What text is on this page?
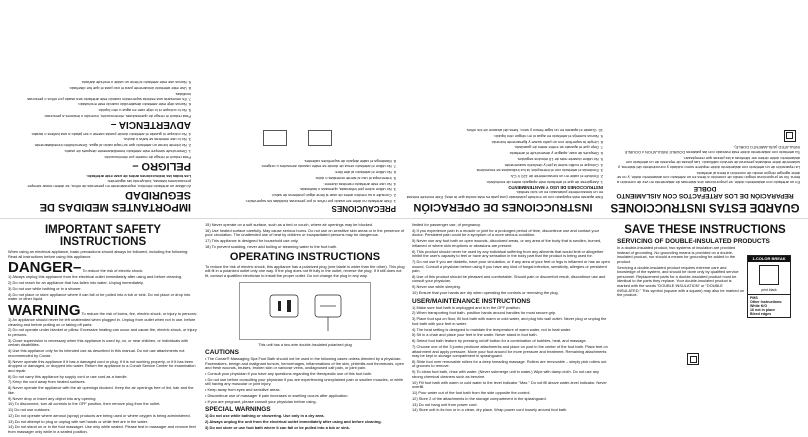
GUARDE ESTAS INSTRUCCIONES
REPARACIÓN DE LOS ARTEFACTOS CON AISLAMIENTO DOBLE

En un artefacto con aislamiento doble, se proporcionan dos sistemas de aislamiento en vez de conexión a tierra. No se proporciona ningún medio de conexión a tierra en un artefacto con aislamiento doble, y no se debe agregar ningún medio de conexión a tierra al artefacto.

La reparación de un artefacto con aislamiento doble requiere sumo cuidado y conocimiento del sistema, y solamente debe realizarla personal de servicio calificado. Las piezas de repuesto de un artefacto con aislamiento doble deben ser idénticas a las piezas que reemplazan.

Su artefacto con aislamiento doble está marcado con las palabras DOUBLE INSULATION o DOUBLE INSULATED (AISLAMIENTO DOBLE).

INSTRUCCIONES DE OPERACIÓN

Este aparato está equipado con un enchufe polarizado (una pata es más ancha que la otra). Este enchufe entrará en un tomacorriente polarizado en un solo sentido.

INSTRUCCIONES DE USO Y MANTENIMIENTO

1. Asegúrese de que el artefacto esté apagado antes de enchufarlo.

2. Enchufe el cable en un tomacorriente de 120 V CA.

3. Encienda el artefacto con el interruptor; la luz indicadora se encenderá.

4. Coloque el rodillo sobre la piel y deslícelo suavemente.

5. No utilice durante más de 15 minutos seguidos.

6. Después de usar, apague y desenchufe el artefacto.

7. Deje que el aparato se enfríe antes de guardarlo.

8. Limpie la superficie con un paño suave y ligeramente húmedo.

9. Nunca sumerja el artefacto en agua ni en ningún otro líquido.

10. Guarde el aparato en un lugar fresco y seco, fuera del alcance de los niños.

PRECAUCIONES

1. Este artefacto no debe ser usado por niños ni por personas inválidas sin supervisión.

2. Consulte a su médico antes de usar si tiene algún problema de salud.

3. No utilice sobre piel inflamada, quemada o lastimada.

4. No use este artefacto mientras duerme.

5. Interrumpa el uso si siente molestias o dolor.

6. No utilice el artefacto al aire libre.

7. No utilice el artefacto cerca de donde se estén usando aerosoles u oxígeno.

8. Mantenga el cable alejado de superficies calientes.

IMPORTANTES MEDIDAS DE SEGURIDAD

Al utilizar un artefacto eléctrico, especialmente en presencia de niños, se deben tomar siempre precauciones básicas, incluyendo las siguientes:

Lea todas las instrucciones antes de usar este artefacto.

PELIGRO –

Para reducir el riesgo de muerte por electrocución:

1. Desenchufe siempre este artefacto inmediatamente después de usarlo.

2. No intente tomar un artefacto que se haya caído al agua. Desenchúfelo inmediatamente.

3. No lo use mientras se baña o ducha.

4. No coloque ni guarde el artefacto donde pueda caerse o ser jalado a una bañera o lavabo.

ADVERTENCIA –

Para reducir el riesgo de quemaduras, electrocución, incendio o lesiones a personas:

5. No lo coloque ni lo deje caer en agua u otro líquido.

6. Nunca deje este artefacto desatendido cuando esté enchufado.

7. Es necesaria una estricta supervisión cuando este artefacto sea usado por niños o personas inválidas.

8. Use este artefacto únicamente para el uso para el que fue diseñado.

9. Nunca use este artefacto si tiene un cable o enchufe dañado.

IMPORTANT SAFETY INSTRUCTIONS

When using an electrical appliance, basic precautions should always be followed, including the following: Read all instructions before using this appliance.

DANGER– To reduce the risk of electric shock:

1) Always unplug this appliance from the electrical outlet immediately after using and before cleaning.

2) Do not reach for an appliance that has fallen into water. Unplug immediately.

3) Do not use while bathing or in a shower.

4) Do not place or store appliance where it can fall or be pulled into a tub or sink. Do not place or drop into water or other liquid.

WARNING To reduce the risk of burns, fire, electric shock, or injury to persons:

1) An appliance should never be left unattended when plugged in. Unplug from outlet when not in use, before cleaning and before putting on or taking off parts.

2) Do not operate under blanket or pillow. Excessive heating can occur and cause fire, electric shock, or injury to persons.

3) Close supervision is necessary when this appliance is used by, on, or near children, or individuals with certain disabilities.

4) Use this appliance only for its intended use as described in this manual. Do not use attachments not recommended by Conair.

5) Never operate this appliance if it has a damaged cord or plug, if it is not working properly, or if it has been dropped or damaged, or dropped into water. Return the appliance to a Conair Service Center for examination and repair.

6) Do not carry this appliance by supply cord or use cord as a handle.

7) Keep the cord away from heated surfaces.

8) Never operate the appliance with the air openings blocked. Keep the air openings free of lint, hair and the like.

9) Never drop or insert any object into any opening.

10) To disconnect, turn all controls to the OFF position, then remove plug from the outlet.

11) Do not use outdoors.

12) Do not operate where aerosol (spray) products are being used or where oxygen is being administered.

13) Do not attempt to plug or unplug with wet hands or while feet are in the water.

14) Do not stand on or in the foot massager. Use only while seated. Please test in massager and remove feet from massager only while in a seated position.

15) Never operate on a soft surface, such as a bed or couch, where air openings may be blocked.

16) Use heated surface carefully. May cause serious burns. Do not use on sensitive skin areas or in the presence of poor circulation. The unattended use of heat by children or incapacitated persons may be dangerous.

17) This appliance is designed for household use only.

18) To prevent scalding, never add boiling or steaming water to the foot bath.

OPERATING INSTRUCTIONS

To reduce the risk of electric shock, this appliance has a polarized plug (one blade is wider than the other). This plug will fit in a polarized outlet only one way. If the plug does not fit fully in the outlet, reverse the plug. If it still does not fit, contact a qualified electrician to install the proper outlet. Do not change the plug in any way.

This unit has a two-wire double-insulated polarized plug
CAUTIONS

• The Conair® Massaging Spa Foot Bath should not be used in the following cases unless directed by a physician: Pacemakers, benign and malignant tumors, hemorrhages, inflammations of the skin, phlebitis and thrombosis, open and fresh wounds, bruises, broken skin or varicose veins, undiagnosed calf pain, or joint pain.

• Consult your physician if you have any questions regarding the therapeutic use of this foot bath.

• Do not use before consulting your physician if you are experiencing unexplained pain or swollen muscles, or while still having any muscular or joint injury.

• Keep away from eyes and sensitive areas.

• Discontinue use of massager if pain increases or swelling occurs after application.

• If you are pregnant, please consult your physician before using.

SPECIAL WARNINGS

1) Do not use while bathing or showering. Use only in a dry area.

2) Always unplug the unit from the electrical outlet immediately after using and before cleaning.

3) Do not store or use foot bath where it can fall or be pulled into a tub or sink.

limited for passenger use, of pregnancy.

4) If you experience pain in a muscle or joint for a prolonged period of time, discontinue use and contact your doctor. Persistent pain could be a symptom of a more serious condition.

5) Never use any foot bath on open wounds, discolored areas, or any area of the body that is swollen, burned, inflamed or where skin eruptions or abrasions are present.

6) This product should never be used by any individual suffering from any ailments that would limit or altogether inhibit the user's capacity to feel or have any sensation in the body part that the product is being used for.

7) Do not use if you are diabetic, have poor circulation, or if any area of your feet or legs is inflamed or has an open wound. Consult a physician before using if you have any kind of fungal infection, sensitivity, allergies or persistent pain.

8) Use of this product should be pleasant and comfortable. Should pain or discomfort result, discontinue use and consult your physician.

9) Never use while sleeping.

10) Ensure that your hands are dry when operating the controls or removing the plug.

USER/MAINTENANCE INSTRUCTIONS

1) Make sure foot bath is unplugged and is in the OFF position.

2) When transporting foot bath, position hands around handles for most secure grip.

3) Place foot spa on floor, fill foot bath with warm or cold water, and plug into wall outlet. Never plug or unplug the foot bath with your feet in water.

4) The heat setting is designed to maintain the temperature of warm water, not to heat water.

5) Sit in a chair and place your feet in the water. Never stand in foot bath.

6) Select foot bath feature by pressing on/off button for a combination of bubbles, heat, and massage.

7) Choose one of the 3 jumbo pedicure attachments and place on post in the center of the foot bath. Place feet on attachment and apply pressure. Move your foot around for more pressure and treatment. Remaining attachments may be kept in storage compartment in splashguard.

8) Slide foot over removable rollers for a deep kneading massage. Rollers are removable – simply pick rollers out of grooves to remove.

9) To clean foot bath, rinse with water. (Never submerge unit in water.) Wipe with damp cloth. Do not use any strong chemical cleaners such as benzine.

10) Fill foot bath with warm or cold water to the level indicator "Max." Do not fill above water-level indicator. Never overfill.

11) Pour water out of the foot bath from the side opposite the control.

12) Store 2 of the attachments in the storage compartment in the splashguard.

13) Do not hang unit from power cord.

14) Store unit in its box or in a clean, dry place. Wrap power cord loosely around foot bath.

SAVE THESE INSTRUCTIONS
SERVICING OF DOUBLE-INSULATED PRODUCTS

In a double-insulated product, two systems of insulation are provided instead of grounding. No grounding means is provided on a double-insulated product, nor should a means for grounding be added to the product.

Servicing a double-insulated product requires extreme care and knowledge of the system, and should be done only by qualified service personnel. Replacement parts for a double-insulated product must be identical to the parts they replace. Your double-insulated product is marked with the words "DOUBLE INSULATION" or "DOUBLE INSULATED." This symbol (square with a square) may also be marked on the product.

1-COLOR BREAK
print black
PMS
Other Instructions:
White K/O
16 not in place
Bleed edges
